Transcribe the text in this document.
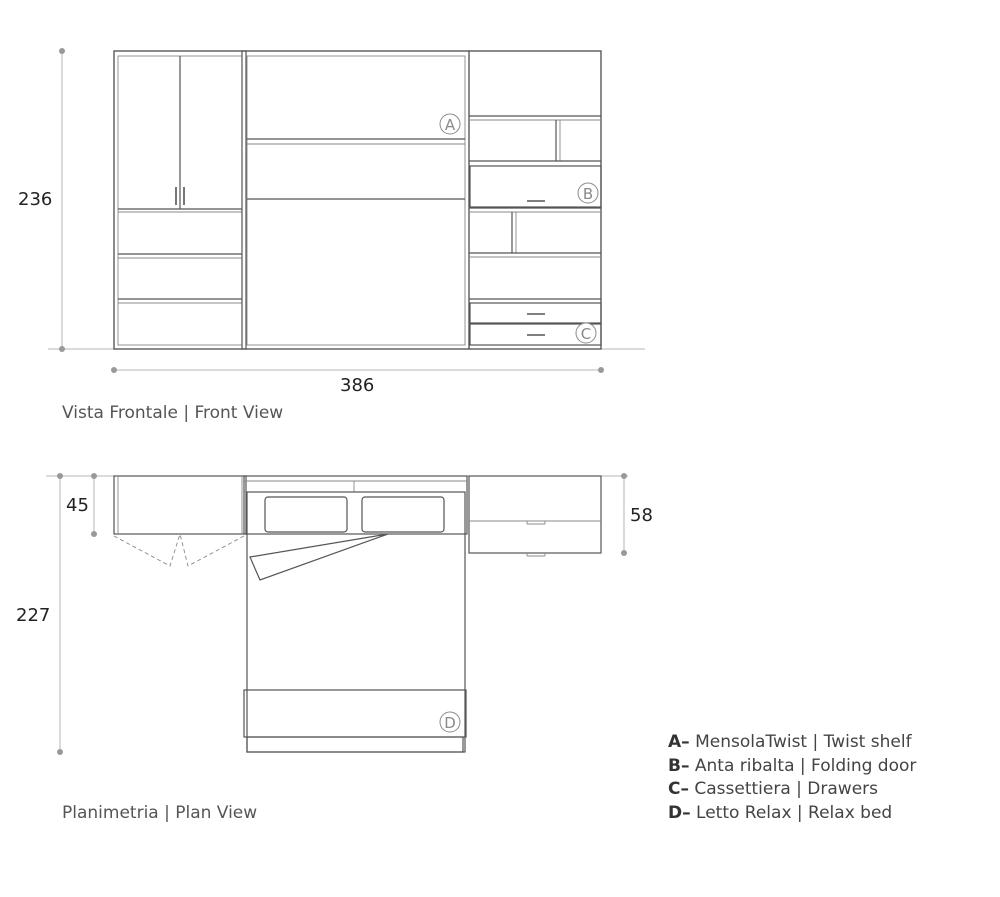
236
386
A
B
C
227
45	58
D
Vista Frontale | Front View
Planimetria | Plan View
A– MensolaTwist | Twist shelf
B– Anta ribalta | Folding door
C– Cassettiera | Drawers
D– Letto Relax | Relax bed
